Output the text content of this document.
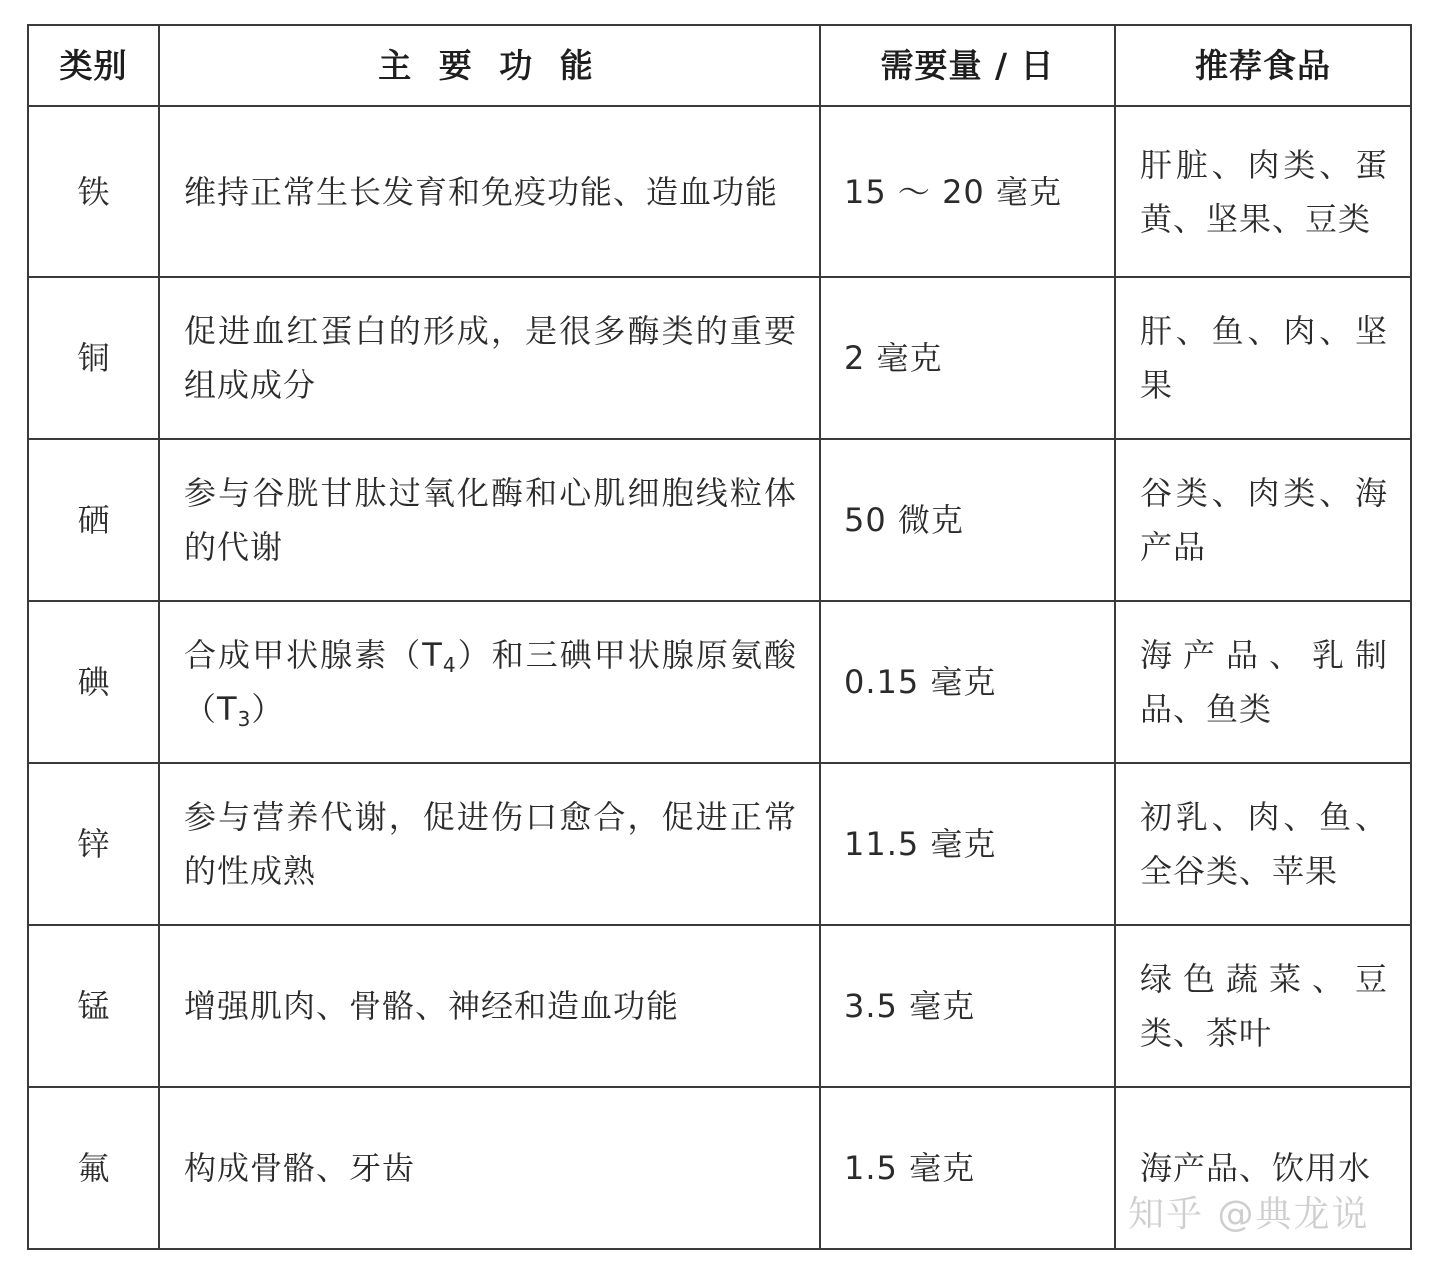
类别	主 要 功 能	需要量 / 日	推荐食品
铁	维持正常生长发育和免疫功能、造血功能	15 ～ 20 毫克	肝脏、肉类、蛋黄、坚果、豆类
铜	促进血红蛋白的形成，是很多酶类的重要组成成分	2 毫克	肝、鱼、肉、坚果
硒	参与谷胱甘肽过氧化酶和心肌细胞线粒体的代谢	50 微克	谷类、肉类、海产品
碘	合成甲状腺素$(T_4)$和三碘甲状腺原氨酸$(T_3)$	0.15 毫克	海产品、乳制品、鱼类
锌	参与营养代谢，促进伤口愈合，促进正常的性成熟	11.5 毫克	初乳、肉、鱼、全谷类、苹果
锰	增强肌肉、骨骼、神经和造血功能	3.5 毫克	绿色蔬菜、豆类、茶叶
氟	构成骨骼、牙齿	1.5 毫克	海产品、饮用水
知乎 @典龙说
